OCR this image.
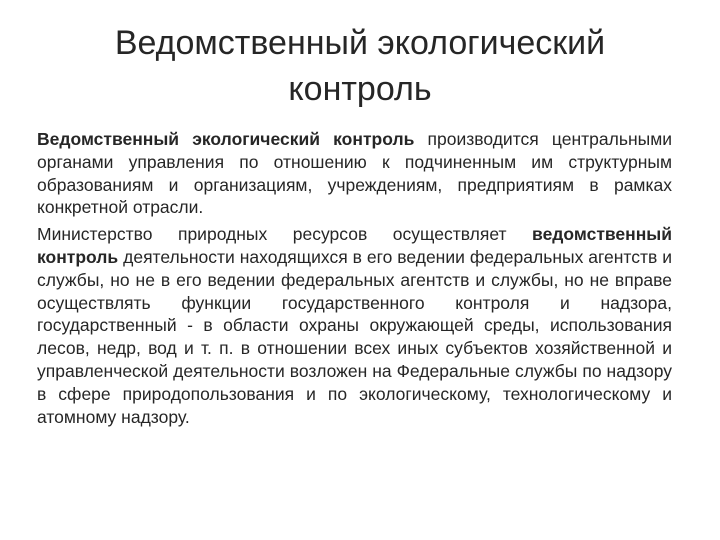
Ведомственный экологический
контроль

Ведомственный экологический контроль производится центральными органами управления по отношению к подчиненным им структурным образованиям и организациям, учреждениям, предприятиям в рамках конкретной отрасли.

Министерство природных ресурсов осуществляет ведомственный контроль деятельности находящихся в его ведении федеральных агентств и службы, но не в его ведении федеральных агентств и службы, но не вправе осуществлять функции государственного контроля и надзора, государственный - в области охраны окружающей среды, использования лесов, недр, вод и т. п. в отношении всех иных субъектов хозяйственной и управленческой деятельности возложен на Федеральные службы по надзору в сфере природопользования и по экологическому, технологическому и атомному надзору.
